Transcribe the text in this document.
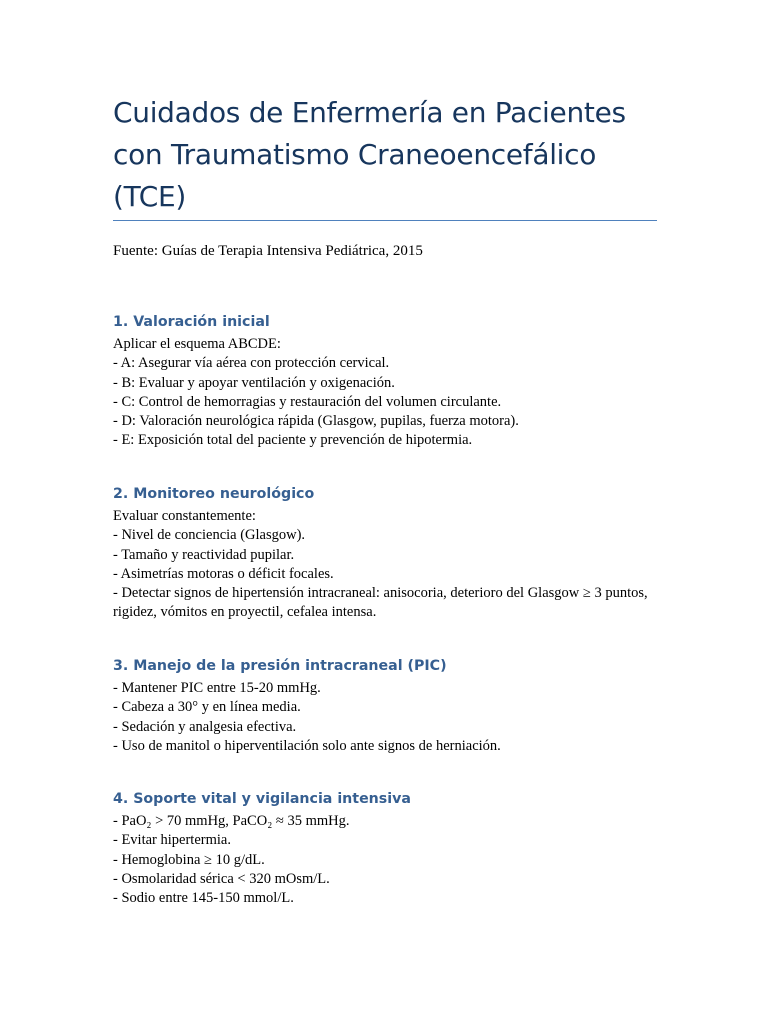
Cuidados de Enfermería en Pacientes con Traumatismo Craneoencefálico (TCE)
Fuente: Guías de Terapia Intensiva Pediátrica, 2015
1. Valoración inicial
Aplicar el esquema ABCDE:
- A: Asegurar vía aérea con protección cervical.
- B: Evaluar y apoyar ventilación y oxigenación.
- C: Control de hemorragias y restauración del volumen circulante.
- D: Valoración neurológica rápida (Glasgow, pupilas, fuerza motora).
- E: Exposición total del paciente y prevención de hipotermia.
2. Monitoreo neurológico
Evaluar constantemente:
- Nivel de conciencia (Glasgow).
- Tamaño y reactividad pupilar.
- Asimetrías motoras o déficit focales.
- Detectar signos de hipertensión intracraneal: anisocoria, deterioro del Glasgow ≥ 3 puntos, rigidez, vómitos en proyectil, cefalea intensa.
3. Manejo de la presión intracraneal (PIC)
- Mantener PIC entre 15-20 mmHg.
- Cabeza a 30° y en línea media.
- Sedación y analgesia efectiva.
- Uso de manitol o hiperventilación solo ante signos de herniación.
4. Soporte vital y vigilancia intensiva
- PaO₂ > 70 mmHg, PaCO₂ ≈ 35 mmHg.
- Evitar hipertermia.
- Hemoglobina ≥ 10 g/dL.
- Osmolaridad sérica < 320 mOsm/L.
- Sodio entre 145-150 mmol/L.
